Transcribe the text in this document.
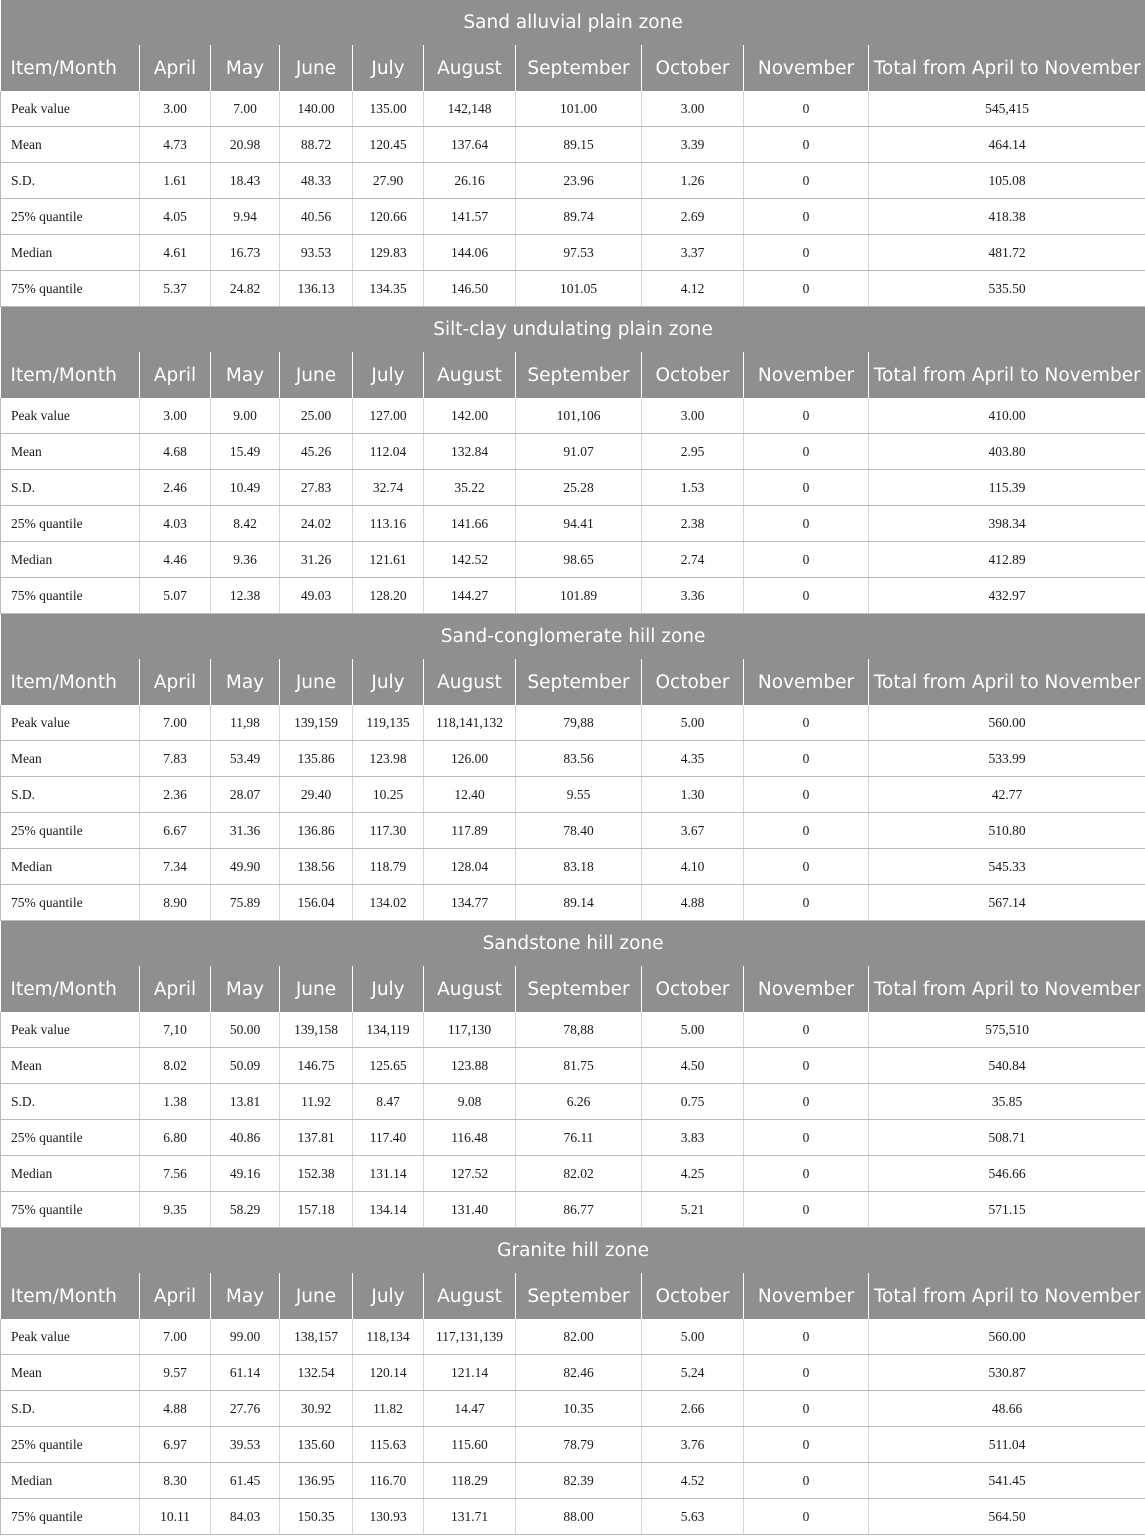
Sand alluvial plain zone									
Item/Month	April	May	June	July	August	September	October	November	Total from April to November
Peak value	3.00	7.00	140.00	135.00	142,148	101.00	3.00	0	545,415
Mean	4.73	20.98	88.72	120.45	137.64	89.15	3.39	0	464.14
S.D.	1.61	18.43	48.33	27.90	26.16	23.96	1.26	0	105.08
25% quantile	4.05	9.94	40.56	120.66	141.57	89.74	2.69	0	418.38
Median	4.61	16.73	93.53	129.83	144.06	97.53	3.37	0	481.72
75% quantile	5.37	24.82	136.13	134.35	146.50	101.05	4.12	0	535.50
Silt-clay undulating plain zone									
Item/Month	April	May	June	July	August	September	October	November	Total from April to November
Peak value	3.00	9.00	25.00	127.00	142.00	101,106	3.00	0	410.00
Mean	4.68	15.49	45.26	112.04	132.84	91.07	2.95	0	403.80
S.D.	2.46	10.49	27.83	32.74	35.22	25.28	1.53	0	115.39
25% quantile	4.03	8.42	24.02	113.16	141.66	94.41	2.38	0	398.34
Median	4.46	9.36	31.26	121.61	142.52	98.65	2.74	0	412.89
75% quantile	5.07	12.38	49.03	128.20	144.27	101.89	3.36	0	432.97
Sand-conglomerate hill zone									
Item/Month	April	May	June	July	August	September	October	November	Total from April to November
Peak value	7.00	11,98	139,159	119,135	118,141,132	79,88	5.00	0	560.00
Mean	7.83	53.49	135.86	123.98	126.00	83.56	4.35	0	533.99
S.D.	2.36	28.07	29.40	10.25	12.40	9.55	1.30	0	42.77
25% quantile	6.67	31.36	136.86	117.30	117.89	78.40	3.67	0	510.80
Median	7.34	49.90	138.56	118.79	128.04	83.18	4.10	0	545.33
75% quantile	8.90	75.89	156.04	134.02	134.77	89.14	4.88	0	567.14
Sandstone hill zone									
Item/Month	April	May	June	July	August	September	October	November	Total from April to November
Peak value	7,10	50.00	139,158	134,119	117,130	78,88	5.00	0	575,510
Mean	8.02	50.09	146.75	125.65	123.88	81.75	4.50	0	540.84
S.D.	1.38	13.81	11.92	8.47	9.08	6.26	0.75	0	35.85
25% quantile	6.80	40.86	137.81	117.40	116.48	76.11	3.83	0	508.71
Median	7.56	49.16	152.38	131.14	127.52	82.02	4.25	0	546.66
75% quantile	9.35	58.29	157.18	134.14	131.40	86.77	5.21	0	571.15
Granite hill zone									
Item/Month	April	May	June	July	August	September	October	November	Total from April to November
Peak value	7.00	99.00	138,157	118,134	117,131,139	82.00	5.00	0	560.00
Mean	9.57	61.14	132.54	120.14	121.14	82.46	5.24	0	530.87
S.D.	4.88	27.76	30.92	11.82	14.47	10.35	2.66	0	48.66
25% quantile	6.97	39.53	135.60	115.63	115.60	78.79	3.76	0	511.04
Median	8.30	61.45	136.95	116.70	118.29	82.39	4.52	0	541.45
75% quantile	10.11	84.03	150.35	130.93	131.71	88.00	5.63	0	564.50
